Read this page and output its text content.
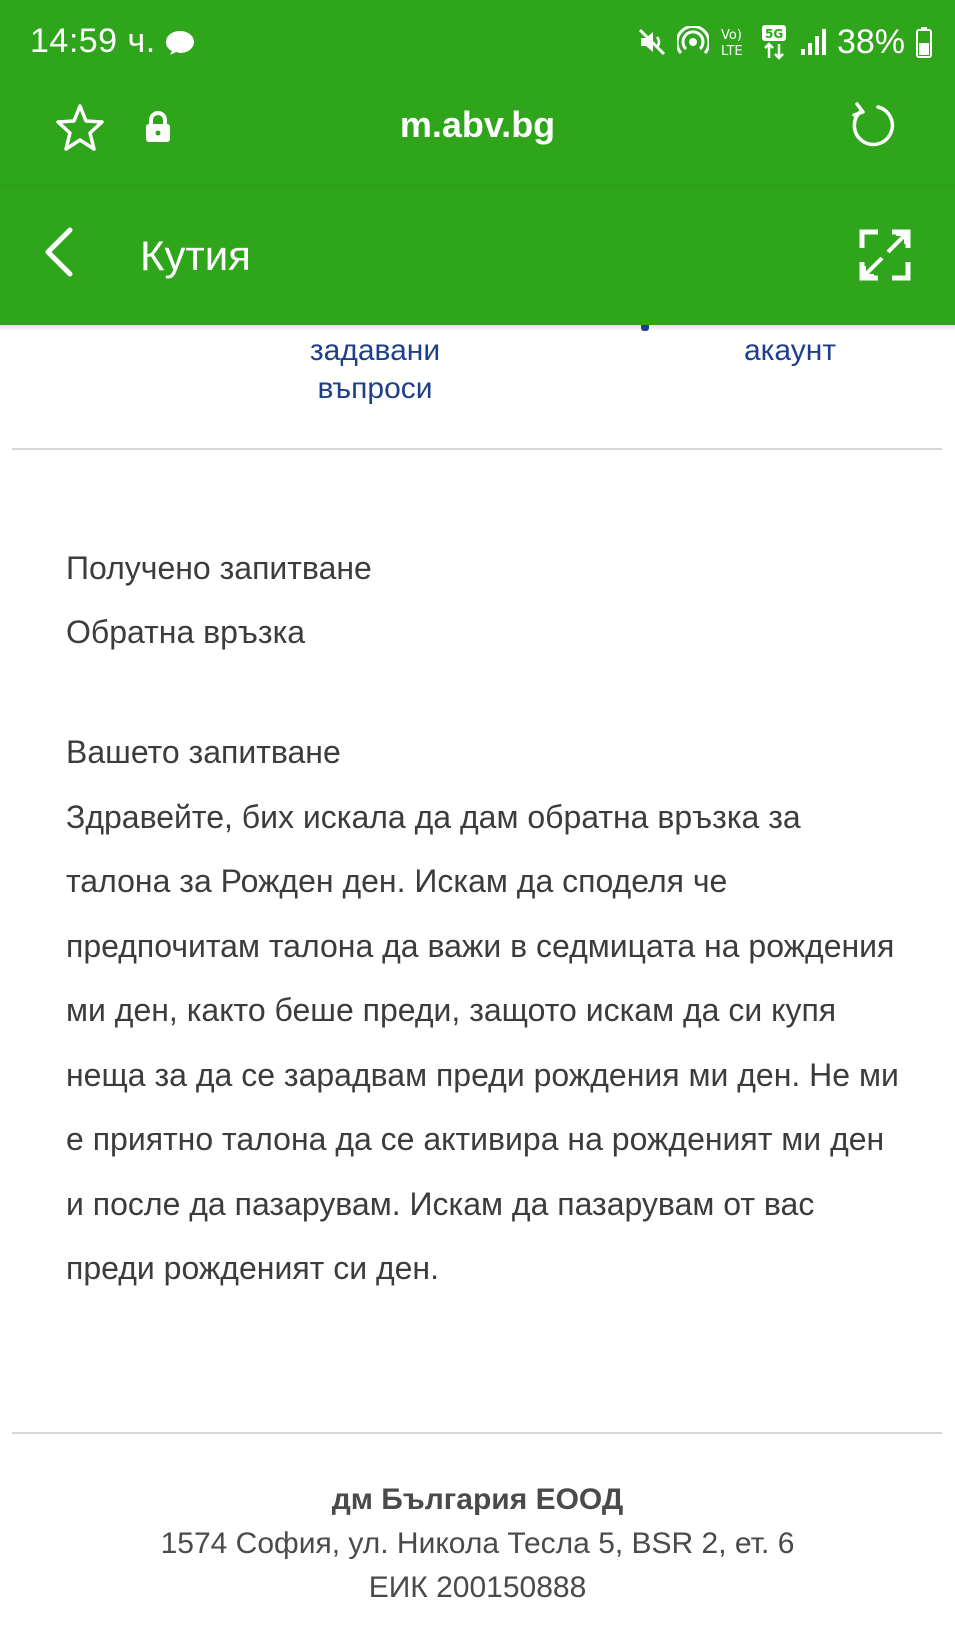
14:59 ч.	Vo)
LTE
5G 38%
m.abv.bg
Кутия
задавани
въпроси
акаунт
Получено запитване
Обратна връзка
Вашето запитване
Здравейте, бих искала да дам обратна връзка за талона за Рожден ден. Искам да споделя че предпочитам талона да важи в седмицата на рождения ми ден, както беше преди, защото искам да си купя неща за да се зарадвам преди рождения ми ден. Не ми е приятно талона да се активира на рожденият ми ден и после да пазарувам. Искам да пазарувам от вас преди рожденият си ден.
дм България ЕООД
1574 София, ул. Никола Тесла 5, BSR 2, ет. 6
ЕИК 200150888
